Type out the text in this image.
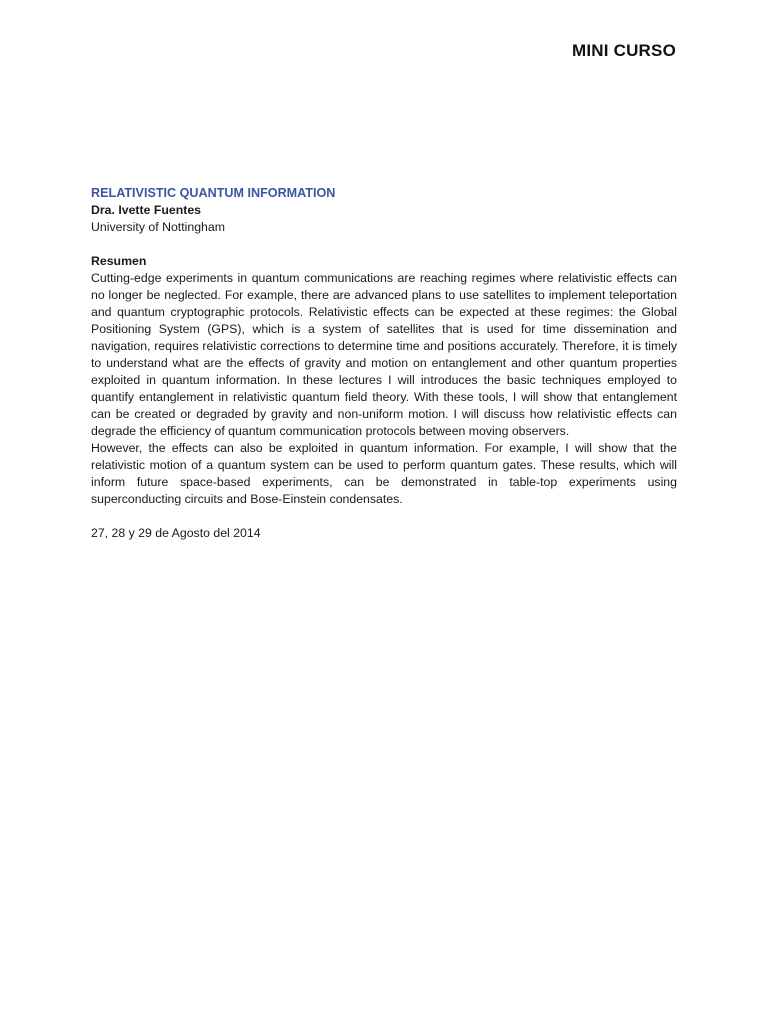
MINI CURSO

RELATIVISTIC QUANTUM INFORMATION

Dra. Ivette Fuentes

University of Nottingham

Resumen

Cutting-edge experiments in quantum communications are reaching regimes where relativistic effects can no longer be neglected. For example, there are advanced plans to use satellites to implement teleportation and quantum cryptographic protocols. Relativistic effects can be expected at these regimes: the Global Positioning System (GPS), which is a system of satellites that is used for time dissemination and navigation, requires relativistic corrections to determine time and positions accurately. Therefore, it is timely to understand what are the effects of gravity and motion on entanglement and other quantum properties exploited in quantum information. In these lectures I will introduces the basic techniques employed to quantify entanglement in relativistic quantum field theory. With these tools, I will show that entanglement can be created or degraded by gravity and non-uniform motion. I will discuss how relativistic effects can degrade the efficiency of quantum communication protocols between moving observers.

However, the effects can also be exploited in quantum information. For example, I will show that the relativistic motion of a quantum system can be used to perform quantum gates. These results, which will inform future space-based experiments, can be demonstrated in table-top experiments using superconducting circuits and Bose-Einstein condensates.

27, 28 y 29 de Agosto del 2014
